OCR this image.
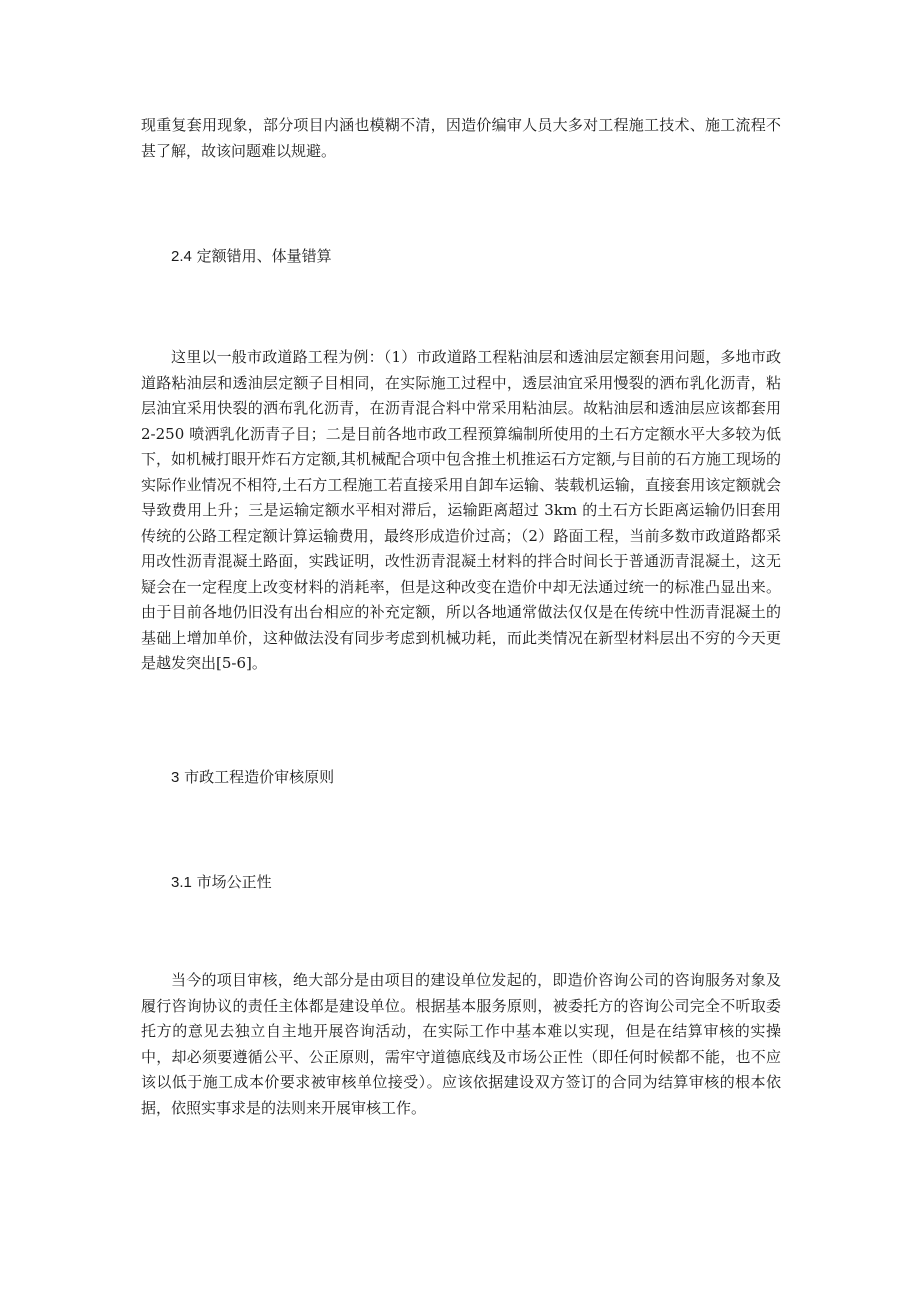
现重复套用现象，部分项目内涵也模糊不清，因造价编审人员大多对工程施工技术、施工流程不甚了解，故该问题难以规避。

2.4 定额错用、体量错算

这里以一般市政道路工程为例：（1）市政道路工程粘油层和透油层定额套用问题，多地市政道路粘油层和透油层定额子目相同，在实际施工过程中，透层油宜采用慢裂的洒布乳化沥青，粘层油宜采用快裂的洒布乳化沥青，在沥青混合料中常采用粘油层。故粘油层和透油层应该都套用 2-250 喷洒乳化沥青子目；二是目前各地市政工程预算编制所使用的土石方定额水平大多较为低下，如机械打眼开炸石方定额,其机械配合项中包含推土机推运石方定额,与目前的石方施工现场的实际作业情况不相符,土石方工程施工若直接采用自卸车运输、装载机运输，直接套用该定额就会导致费用上升；三是运输定额水平相对滞后，运输距离超过 3km 的土石方长距离运输仍旧套用传统的公路工程定额计算运输费用，最终形成造价过高；（2）路面工程，当前多数市政道路都采用改性沥青混凝土路面，实践证明，改性沥青混凝土材料的拌合时间长于普通沥青混凝土，这无疑会在一定程度上改变材料的消耗率，但是这种改变在造价中却无法通过统一的标准凸显出来。由于目前各地仍旧没有出台相应的补充定额，所以各地通常做法仅仅是在传统中性沥青混凝土的基础上增加单价，这种做法没有同步考虑到机械功耗，而此类情况在新型材料层出不穷的今天更是越发突出[5-6]。

3 市政工程造价审核原则
3.1 市场公正性

当今的项目审核，绝大部分是由项目的建设单位发起的，即造价咨询公司的咨询服务对象及履行咨询协议的责任主体都是建设单位。根据基本服务原则，被委托方的咨询公司完全不听取委托方的意见去独立自主地开展咨询活动，在实际工作中基本难以实现，但是在结算审核的实操中，却必须要遵循公平、公正原则，需牢守道德底线及市场公正性（即任何时候都不能，也不应该以低于施工成本价要求被审核单位接受）。应该依据建设双方签订的合同为结算审核的根本依据，依照实事求是的法则来开展审核工作。
